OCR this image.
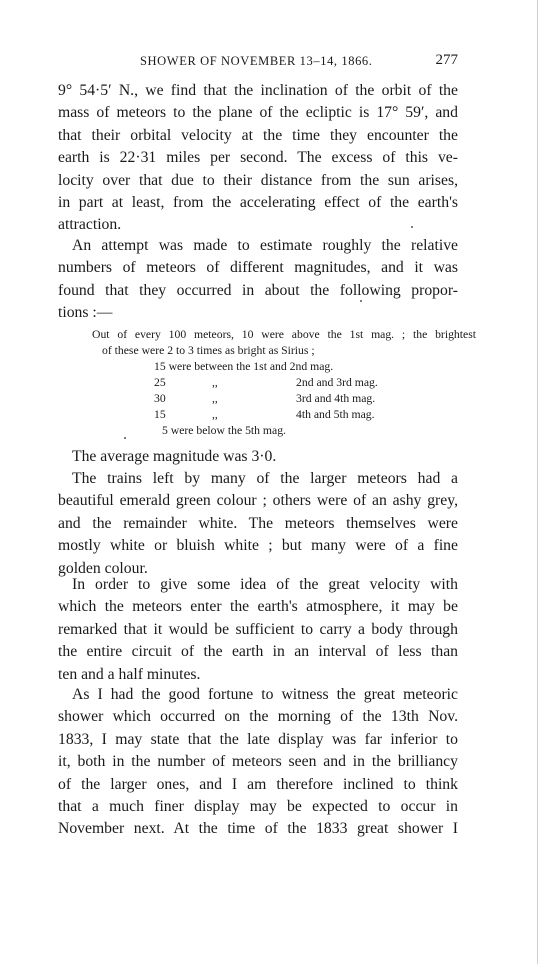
SHOWER OF NOVEMBER 13–14, 1866.	277

9° 54·5′ N., we find that the inclination of the orbit of the

mass of meteors to the plane of the ecliptic is 17° 59′, and

that their orbital velocity at the time they encounter the

earth is 22·31 miles per second. The excess of this ve-

locity over that due to their distance from the sun arises,

in part at least, from the accelerating effect of the earth's

attraction.

An attempt was made to estimate roughly the relative

numbers of meteors of different magnitudes, and it was

found that they occurred in about the following propor-

tions :—

Out of every 100 meteors, 10 were above the 1st mag. ; the brightest
of these were 2 to 3 times as bright as Sirius ;
15 were between the 1st and 2nd mag.
25	,,	2nd and 3rd mag.
30	,,	3rd and 4th mag.
15	,,	4th and 5th mag.
5 were below the 5th mag.

The average magnitude was 3·0.

The trains left by many of the larger meteors had a

beautiful emerald green colour ; others were of an ashy grey,

and the remainder white. The meteors themselves were

mostly white or bluish white ; but many were of a fine

golden colour.

In order to give some idea of the great velocity with

which the meteors enter the earth's atmosphere, it may be

remarked that it would be sufficient to carry a body through

the entire circuit of the earth in an interval of less than

ten and a half minutes.

As I had the good fortune to witness the great meteoric

shower which occurred on the morning of the 13th Nov.

1833, I may state that the late display was far inferior to

it, both in the number of meteors seen and in the brilliancy

of the larger ones, and I am therefore inclined to think

that a much finer display may be expected to occur in

November next. At the time of the 1833 great shower I
